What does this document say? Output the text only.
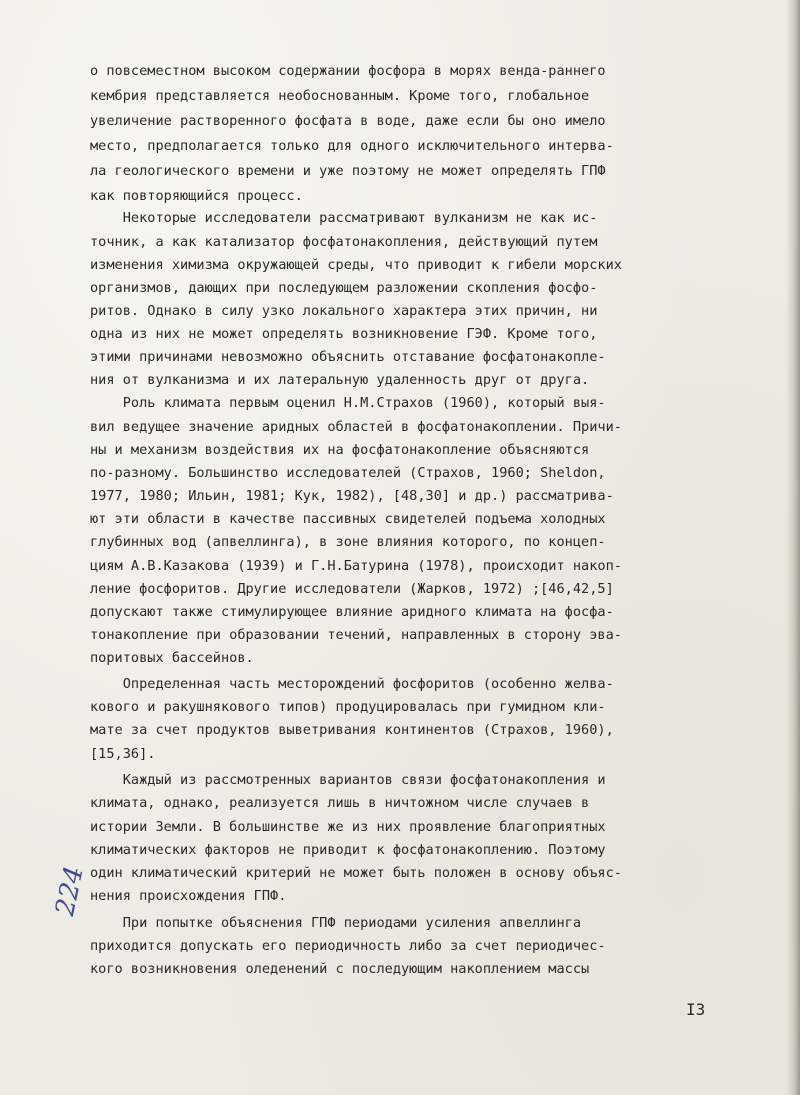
о повсеместном высоком содержании фосфора в морях венда-раннего
кембрия представляется необоснованным. Кроме того, глобальное
увеличение растворенного фосфата в воде, даже если бы оно имело
место, предполагается только для одного исключительного интерва-
ла геологического времени и уже поэтому не может определять ГПФ
как повторяющийся процесс.
Некоторые исследователи рассматривают вулканизм не как ис-
точник, а как катализатор фосфатонакопления, действующий путем
изменения химизма окружающей среды, что приводит к гибели морских
организмов, дающих при последующем разложении скопления фосфо-
ритов. Однако в силу узко локального характера этих причин, ни
одна из них не может определять возникновение ГЭФ. Кроме того,
этими причинами невозможно объяснить отставание фосфатонакопле-
ния от вулканизма и их латеральную удаленность друг от друга.
Роль климата первым оценил Н.М.Страхов (1960), который выя-
вил ведущее значение аридных областей в фосфатонакоплении. Причи-
ны и механизм воздействия их на фосфатонакопление объясняются
по-разному. Большинство исследователей (Страхов, 1960; Sheldon,
1977, 1980; Ильин, 1981; Кук, 1982), [48,30] и др.) рассматрива-
ют эти области в качестве пассивных свидетелей подъема холодных
глубинных вод (апвеллинга), в зоне влияния которого, по концеп-
циям А.В.Казакова (1939) и Г.Н.Батурина (1978), происходит накоп-
ление фосфоритов. Другие исследователи (Жарков, 1972) ;[46,42,5]
допускают также стимулирующее влияние аридного климата на фосфа-
тонакопление при образовании течений, направленных в сторону эва-
поритовых бассейнов.
Определенная часть месторождений фосфоритов (особенно желва-
кового и ракушнякового типов) продуцировалась при гумидном кли-
мате за счет продуктов выветривания континентов (Страхов, 1960),
[15,36].
Каждый из рассмотренных вариантов связи фосфатонакопления и
климата, однако, реализуется лишь в ничтожном числе случаев в
истории Земли. В большинстве же из них проявление благоприятных
климатических факторов не приводит к фосфатонакоплению. Поэтому
один климатический критерий не может быть положен в основу объяс-
нения происхождения ГПФ.
При попытке объяснения ГПФ периодами усиления апвеллинга
приходится допускать его периодичность либо за счет периодичес-
кого возникновения оледенений с последующим накоплением массы
224
I3
